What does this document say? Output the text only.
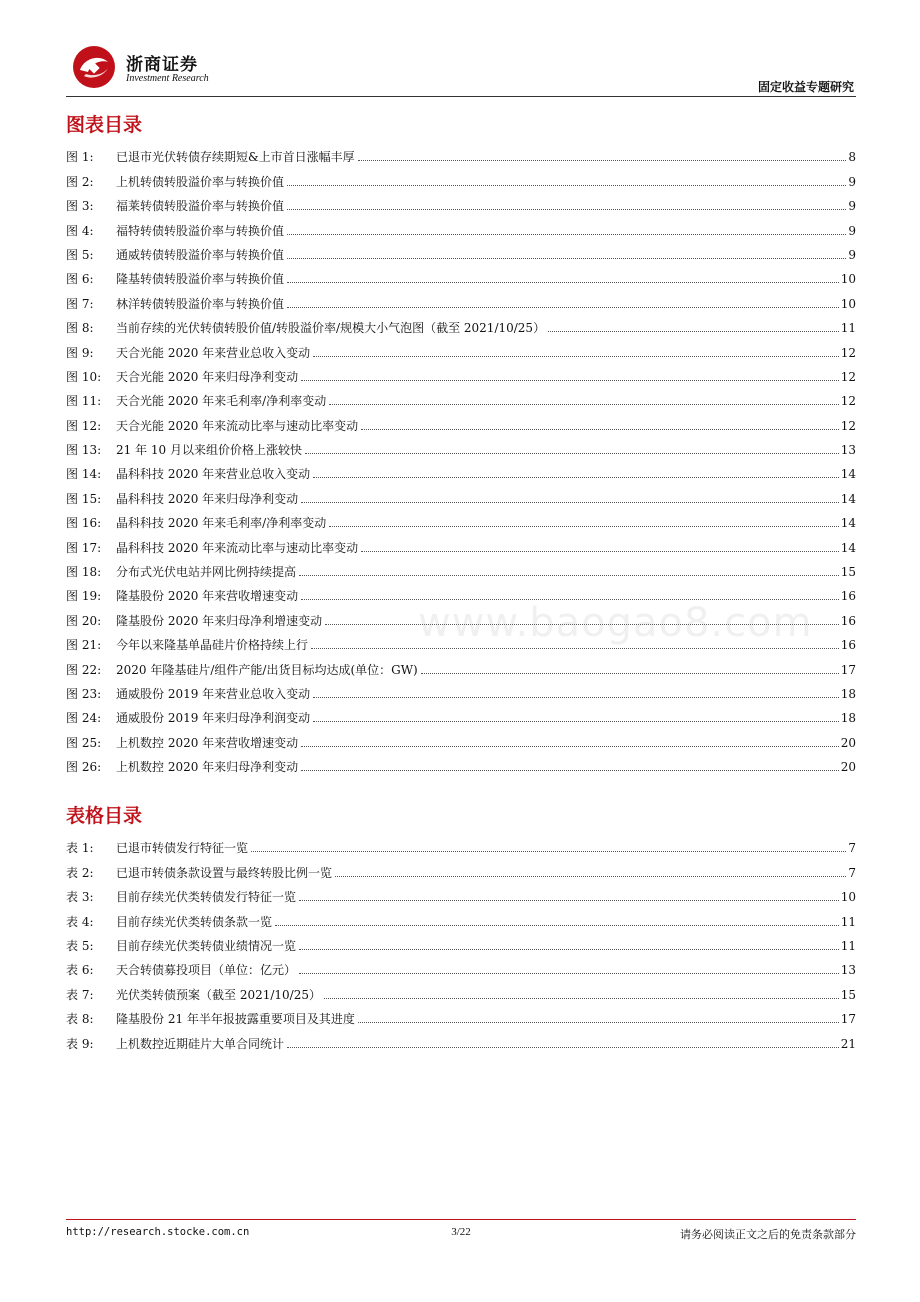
浙商证券
Investment Research
固定收益专题研究
图表目录
图 1: 已退市光伏转债存续期短&上市首日涨幅丰厚	8
图 2: 上机转债转股溢价率与转换价值	9
图 3: 福莱转债转股溢价率与转换价值	9
图 4: 福特转债转股溢价率与转换价值	9
图 5: 通威转债转股溢价率与转换价值	9
图 6: 隆基转债转股溢价率与转换价值	10
图 7: 林洋转债转股溢价率与转换价值	10
图 8: 当前存续的光伏转债转股价值/转股溢价率/规模大小气泡图（截至 2021/10/25）	11
图 9: 天合光能 2020 年来营业总收入变动	12
图 10: 天合光能 2020 年来归母净利变动	12
图 11: 天合光能 2020 年来毛利率/净利率变动	12
图 12: 天合光能 2020 年来流动比率与速动比率变动	12
图 13: 21 年 10 月以来组价价格上涨较快	13
图 14: 晶科科技 2020 年来营业总收入变动	14
图 15: 晶科科技 2020 年来归母净利变动	14
图 16: 晶科科技 2020 年来毛利率/净利率变动	14
图 17: 晶科科技 2020 年来流动比率与速动比率变动	14
图 18: 分布式光伏电站并网比例持续提高	15
图 19: 隆基股份 2020 年来营收增速变动	16
图 20: 隆基股份 2020 年来归母净利增速变动	16
图 21: 今年以来隆基单晶硅片价格持续上行	16
图 22: 2020 年隆基硅片/组件产能/出货目标均达成(单位：GW)	17
图 23: 通威股份 2019 年来营业总收入变动	18
图 24: 通威股份 2019 年来归母净利润变动	18
图 25: 上机数控 2020 年来营收增速变动	20
图 26: 上机数控 2020 年来归母净利变动	20
表格目录
表 1: 已退市转债发行特征一览	7
表 2: 已退市转债条款设置与最终转股比例一览	7
表 3: 目前存续光伏类转债发行特征一览	10
表 4: 目前存续光伏类转债条款一览	11
表 5: 目前存续光伏类转债业绩情况一览	11
表 6: 天合转债募投项目（单位：亿元）	13
表 7: 光伏类转债预案（截至 2021/10/25）	15
表 8: 隆基股份 21 年半年报披露重要项目及其进度	17
表 9: 上机数控近期硅片大单合同统计	21
www.baogao8.com
http://research.stocke.com.cn	3/22	请务必阅读正文之后的免责条款部分
